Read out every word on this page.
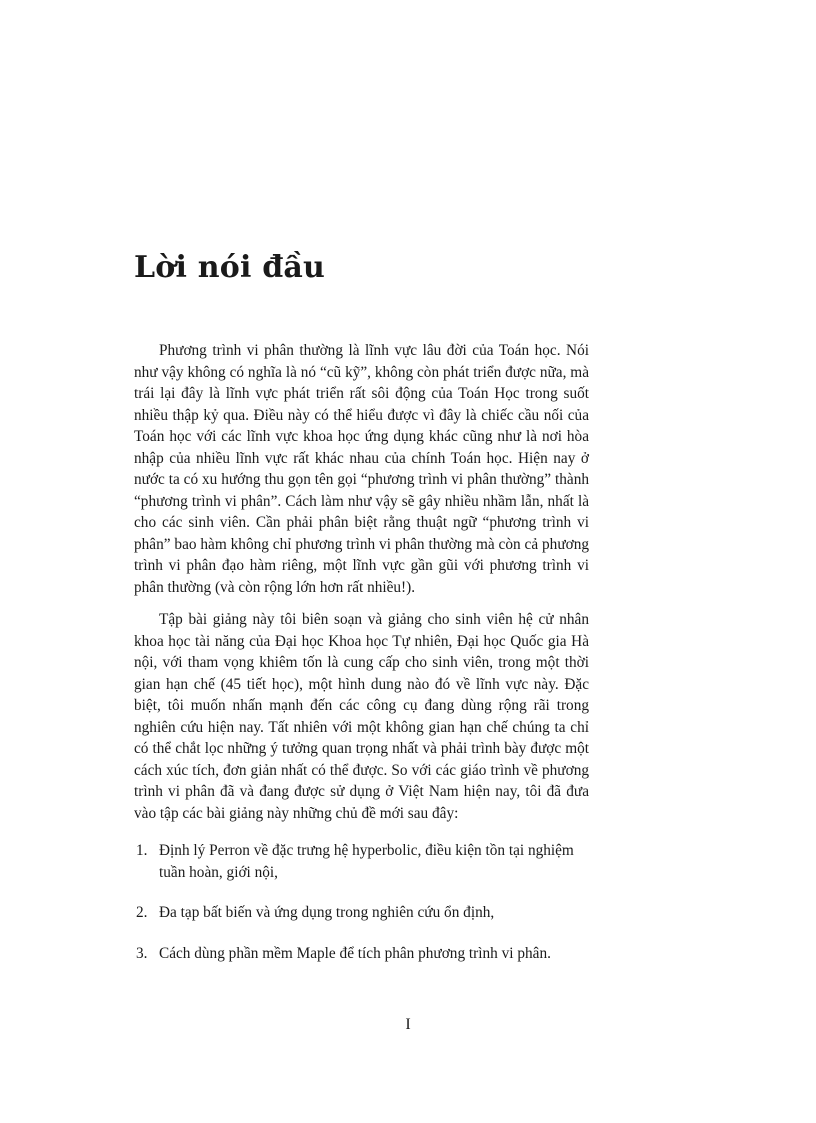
Lời nói đầu

Phương trình vi phân thường là lĩnh vực lâu đời của Toán học. Nói như vậy không có nghĩa là nó “cũ kỹ”, không còn phát triển được nữa, mà trái lại đây là lĩnh vực phát triển rất sôi động của Toán Học trong suốt nhiều thập kỷ qua. Điều này có thể hiểu được vì đây là chiếc cầu nối của Toán học với các lĩnh vực khoa học ứng dụng khác cũng như là nơi hòa nhập của nhiều lĩnh vực rất khác nhau của chính Toán học. Hiện nay ở nước ta có xu hướng thu gọn tên gọi “phương trình vi phân thường” thành “phương trình vi phân”. Cách làm như vậy sẽ gây nhiều nhầm lẫn, nhất là cho các sinh viên. Cần phải phân biệt rằng thuật ngữ “phương trình vi phân” bao hàm không chỉ phương trình vi phân thường mà còn cả phương trình vi phân đạo hàm riêng, một lĩnh vực gần gũi với phương trình vi phân thường (và còn rộng lớn hơn rất nhiều!).

Tập bài giảng này tôi biên soạn và giảng cho sinh viên hệ cử nhân khoa học tài năng của Đại học Khoa học Tự nhiên, Đại học Quốc gia Hà nội, với tham vọng khiêm tốn là cung cấp cho sinh viên, trong một thời gian hạn chế (45 tiết học), một hình dung nào đó về lĩnh vực này. Đặc biệt, tôi muốn nhấn mạnh đến các công cụ đang dùng rộng rãi trong nghiên cứu hiện nay. Tất nhiên với một không gian hạn chế chúng ta chỉ có thể chắt lọc những ý tưởng quan trọng nhất và phải trình bày được một cách xúc tích, đơn giản nhất có thể được. So với các giáo trình về phương trình vi phân đã và đang được sử dụng ở Việt Nam hiện nay, tôi đã đưa vào tập các bài giảng này những chủ đề mới sau đây:

1. Định lý Perron về đặc trưng hệ hyperbolic, điều kiện tồn tại nghiệm tuần hoàn, giới nội,
2. Đa tạp bất biến và ứng dụng trong nghiên cứu ổn định,
3. Cách dùng phần mềm Maple để tích phân phương trình vi phân.
I
